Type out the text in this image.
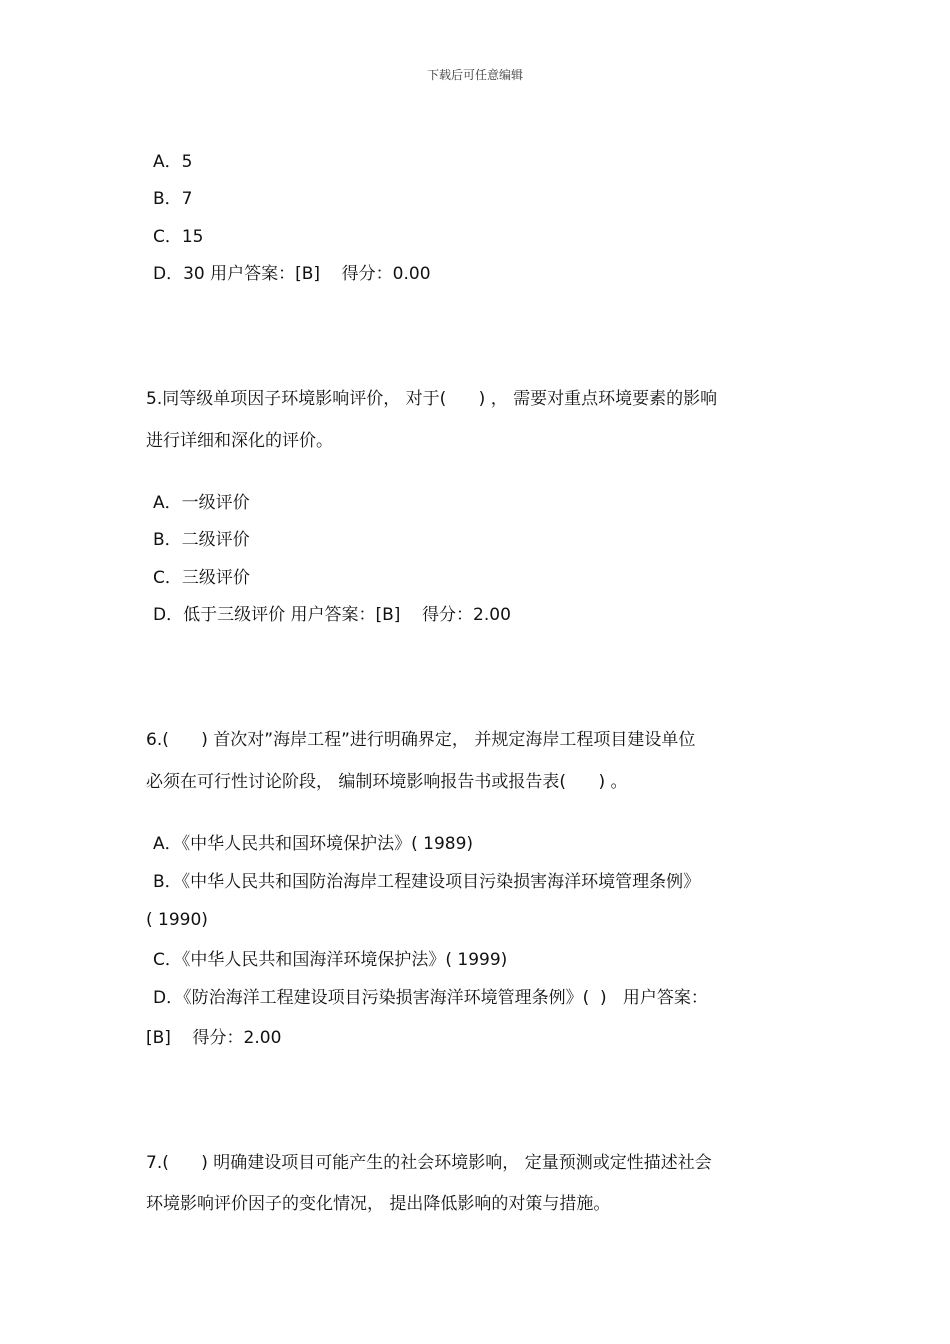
下载后可任意编辑
A．5
B．7
C．15
D．30 用户答案：[B]    得分：0.00
5.同等级单项因子环境影响评价， 对于(      ) ， 需要对重点环境要素的影响
进行详细和深化的评价。
A．一级评价
B．二级评价
C．三级评价
D．低于三级评价 用户答案：[B]    得分：2.00
6.(      ) 首次对”海岸工程”进行明确界定， 并规定海岸工程项目建设单位
必须在可行性讨论阶段， 编制环境影响报告书或报告表(      ) 。
A．《中华人民共和国环境保护法》( 1989)
B．《中华人民共和国防治海岸工程建设项目污染损害海洋环境管理条例》
( 1990)
C．《中华人民共和国海洋环境保护法》( 1999)
D．《防治海洋工程建设项目污染损害海洋环境管理条例》(  )   用户答案：
[B]    得分：2.00
7.(      ) 明确建设项目可能产生的社会环境影响， 定量预测或定性描述社会
环境影响评价因子的变化情况， 提出降低影响的对策与措施。
